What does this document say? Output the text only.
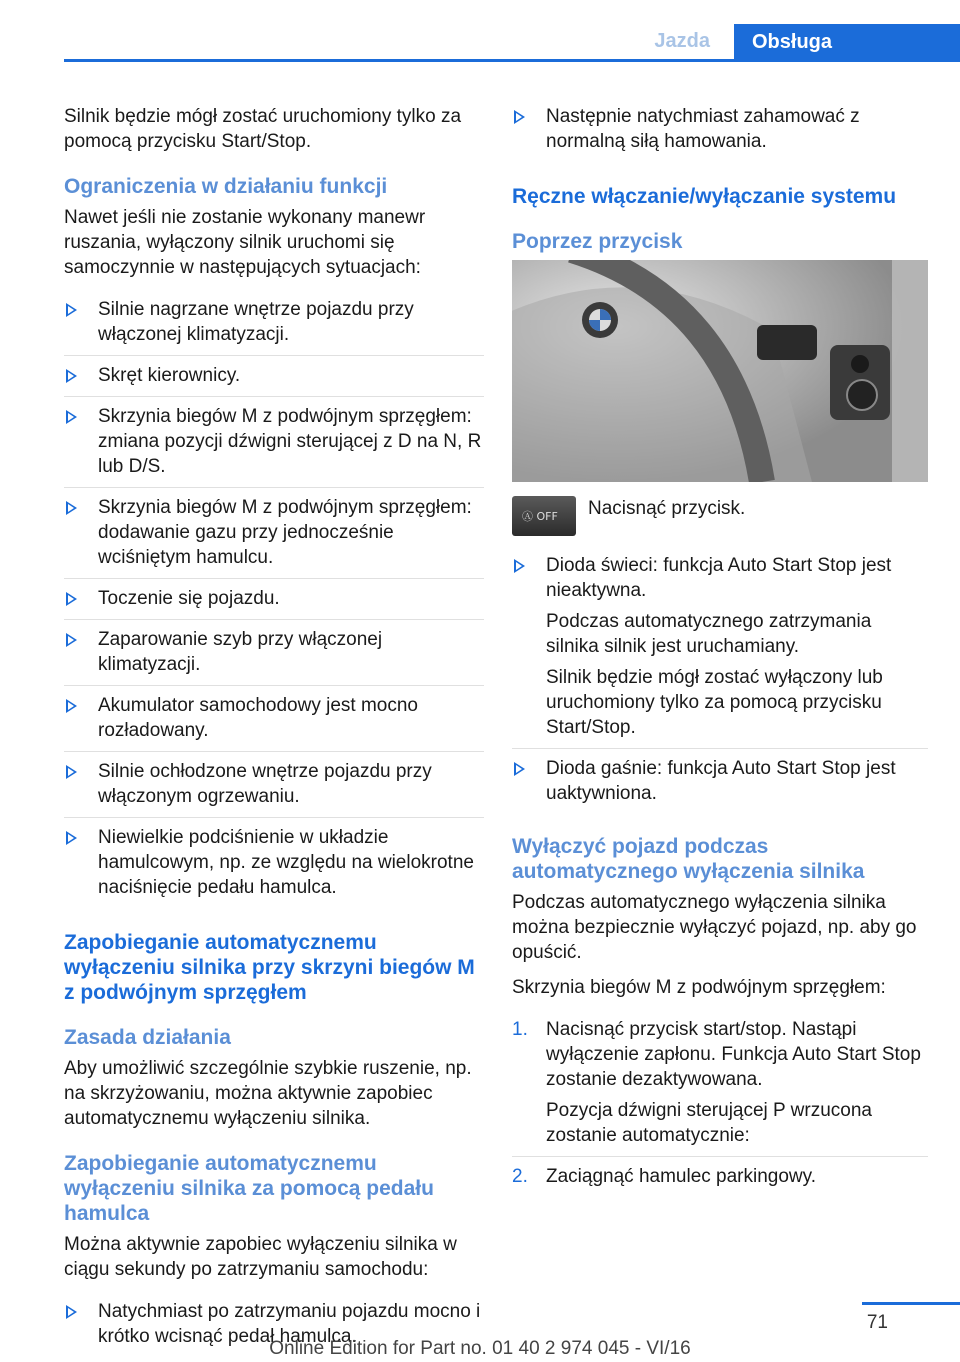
Jazda	Obsługa

Silnik będzie mógł zostać uruchomiony tylko za pomocą przycisku Start/Stop.

Ograniczenia w działaniu funkcji

Nawet jeśli nie zostanie wykonany manewr ruszania, wyłączony silnik uruchomi się samoczynnie w następujących sytuacjach:

Silnie nagrzane wnętrze pojazdu przy włączonej klimatyzacji.
Skręt kierownicy.
Skrzynia biegów M z podwójnym sprzęgłem: zmiana pozycji dźwigni sterującej z D na N, R lub D/S.
Skrzynia biegów M z podwójnym sprzęgłem: dodawanie gazu przy jednocześnie wciśniętym hamulcu.
Toczenie się pojazdu.
Zaparowanie szyb przy włączonej klimatyzacji.
Akumulator samochodowy jest mocno rozładowany.
Silnie ochłodzone wnętrze pojazdu przy włączonym ogrzewaniu.
Niewielkie podciśnienie w układzie hamulcowym, np. ze względu na wielokrotne naciśnięcie pedału hamulca.
Zapobieganie automatycznemu wyłączeniu silnika przy skrzyni biegów M z podwójnym sprzęgłem
Zasada działania

Aby umożliwić szczególnie szybkie ruszenie, np. na skrzyżowaniu, można aktywnie zapobiec automatycznemu wyłączeniu silnika.

Zapobieganie automatycznemu wyłączeniu silnika za pomocą pedału hamulca

Można aktywnie zapobiec wyłączeniu silnika w ciągu sekundy po zatrzymaniu samochodu:

Natychmiast po zatrzymaniu pojazdu mocno i krótko wcisnąć pedał hamulca.
Następnie natychmiast zahamować z normalną siłą hamowania.
Ręczne włączanie/wyłączanie systemu
Poprzez przycisk
Ⓐ OFF Nacisnąć przycisk.
Dioda świeci: funkcja Auto Start Stop jest nieaktywna.

Podczas automatycznego zatrzymania silnika silnik jest uruchamiany.

Silnik będzie mógł zostać wyłączony lub uruchomiony tylko za pomocą przycisku Start/Stop.

Dioda gaśnie: funkcja Auto Start Stop jest uaktywniona.
Wyłączyć pojazd podczas automatycznego wyłączenia silnika

Podczas automatycznego wyłączenia silnika można bezpiecznie wyłączyć pojazd, np. aby go opuścić.

Skrzynia biegów M z podwójnym sprzęgłem:

1. Nacisnąć przycisk start/stop. Nastąpi wyłączenie zapłonu. Funkcja Auto Start Stop zostanie dezaktywowana.

Pozycja dźwigni sterującej P wrzucona zostanie automatycznie:

2. Zaciągnąć hamulec parkingowy.
71
Online Edition for Part no. 01 40 2 974 045 - VI/16
